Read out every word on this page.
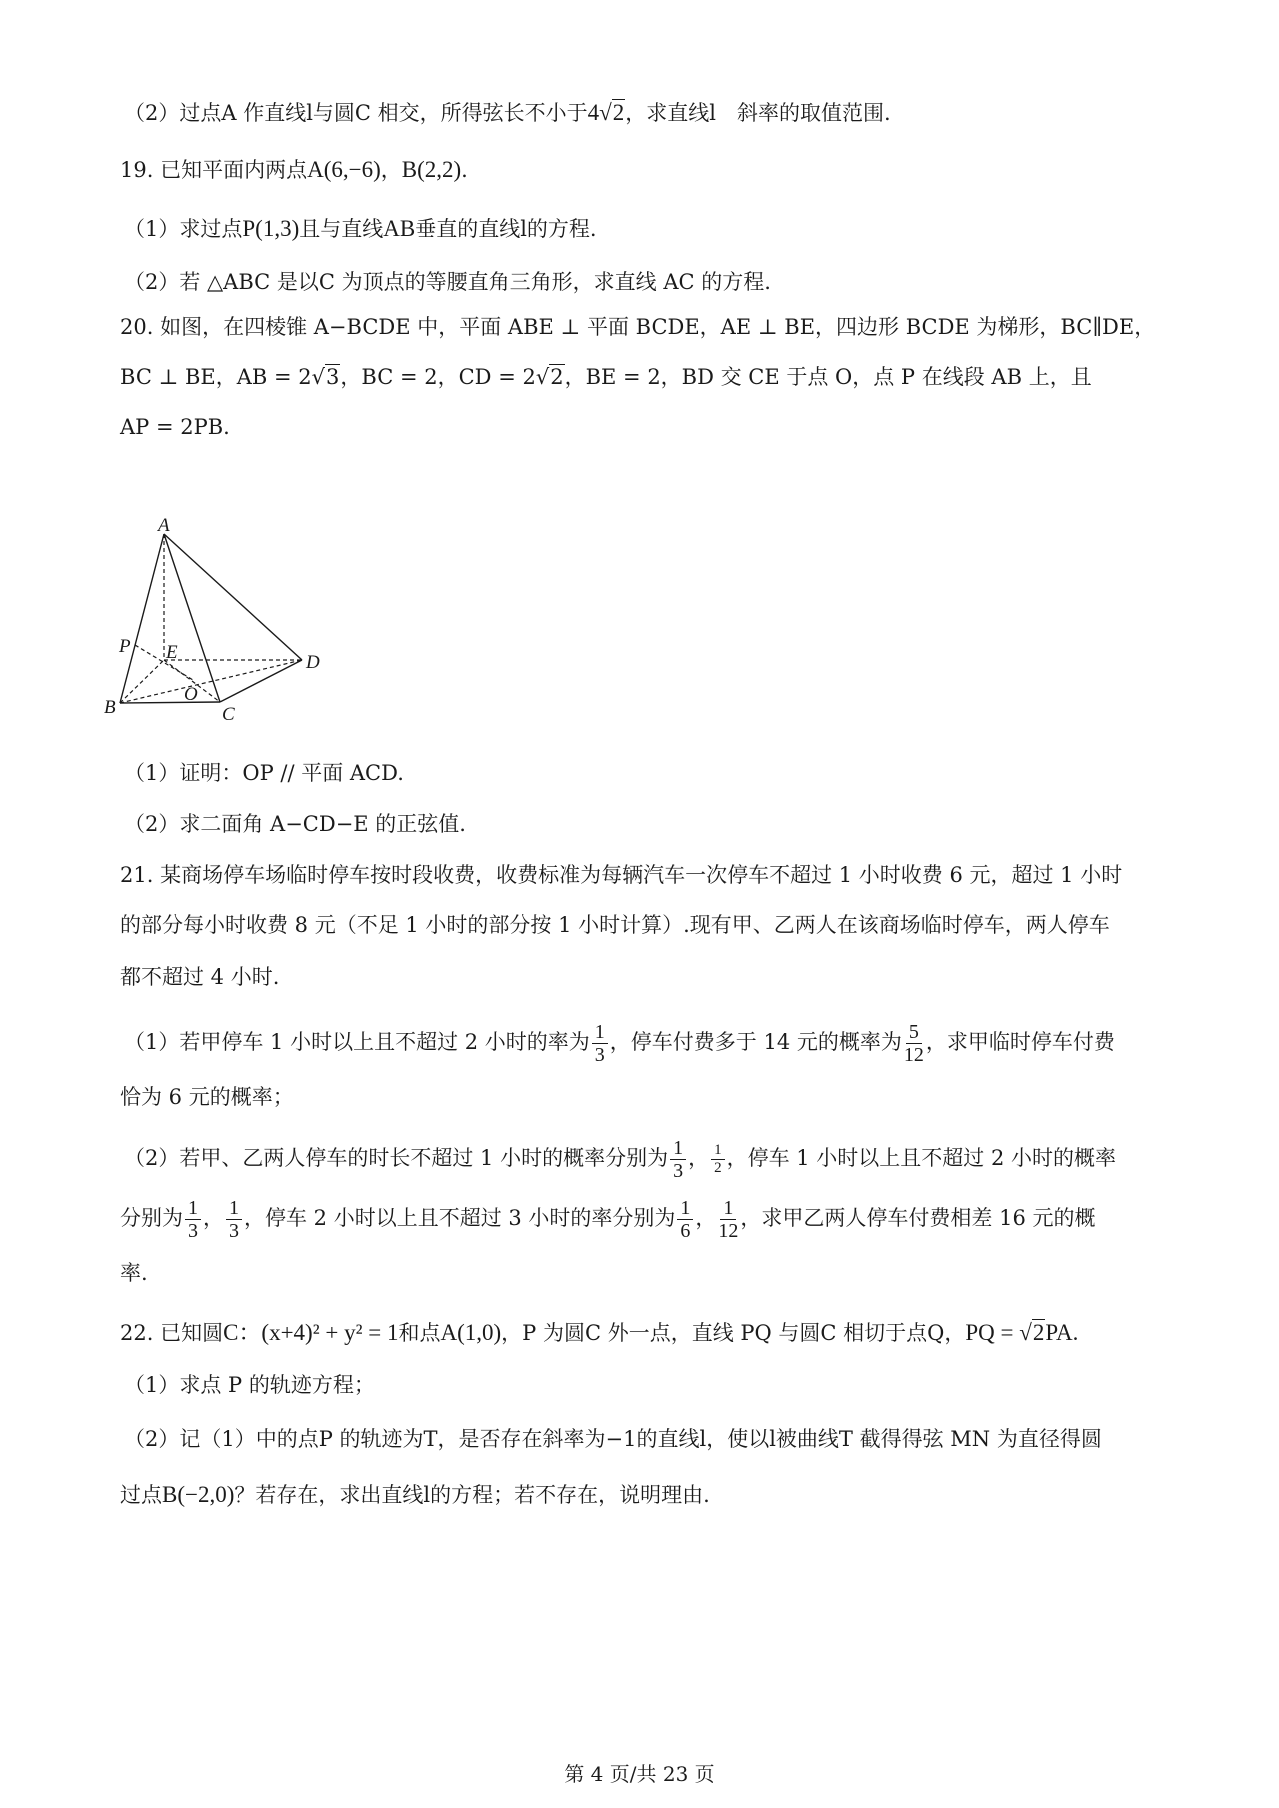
（2）过点A 作直线l与圆C 相交，所得弦长不小于4√2，求直线l　斜率的取值范围.
19. 已知平面内两点A(6,−6)，B(2,2).
（1）求过点P(1,3)且与直线AB垂直的直线l的方程.
（2）若 △ABC 是以C 为顶点的等腰直角三角形，求直线 AC 的方程.
20. 如图，在四棱锥 A−BCDE 中，平面 ABE ⊥ 平面 BCDE，AE ⊥ BE，四边形 BCDE 为梯形，BC∥DE，
BC ⊥ BE，AB = 2√3，BC = 2，CD = 2√2，BE = 2，BD 交 CE 于点 O，点 P 在线段 AB 上，且
AP = 2PB.
A
P E	D
B
O
C
（1）证明：OP // 平面 ACD.
（2）求二面角 A−CD−E 的正弦值.
21. 某商场停车场临时停车按时段收费，收费标准为每辆汽车一次停车不超过 1 小时收费 6 元，超过 1 小时
的部分每小时收费 8 元（不足 1 小时的部分按 1 小时计算）.现有甲、乙两人在该商场临时停车，两人停车
都不超过 4 小时.
（1）若甲停车 1 小时以上且不超过 2 小时的率为 $\frac{1}{3}$ ，停车付费多于 14 元的概率为 $\frac{5}{12}$ ，求甲临时停车付费
恰为 6 元的概率；
（2）若甲、乙两人停车的时长不超过 1 小时的概率分别为 $\frac{1}{3}$ ， $\frac{1}{2}$ ，停车 1 小时以上且不超过 2 小时的概率
分别为 $\frac{1}{3}$ ， $\frac{1}{3}$ ，停车 2 小时以上且不超过 3 小时的率分别为 $\frac{1}{6}$ ， $\frac{1}{12}$ ，求甲乙两人停车付费相差 16 元的概
率.
22. 已知圆C：(x+4)² + y² = 1和点A(1,0)，P 为圆C 外一点，直线 PQ 与圆C 相切于点Q，PQ = √2PA.
（1）求点 P 的轨迹方程；
（2）记（1）中的点P 的轨迹为T，是否存在斜率为−1的直线l，使以l被曲线T 截得得弦 MN 为直径得圆
过点B(−2,0)？若存在，求出直线l的方程；若不存在，说明理由.
第 4 页/共 23 页
